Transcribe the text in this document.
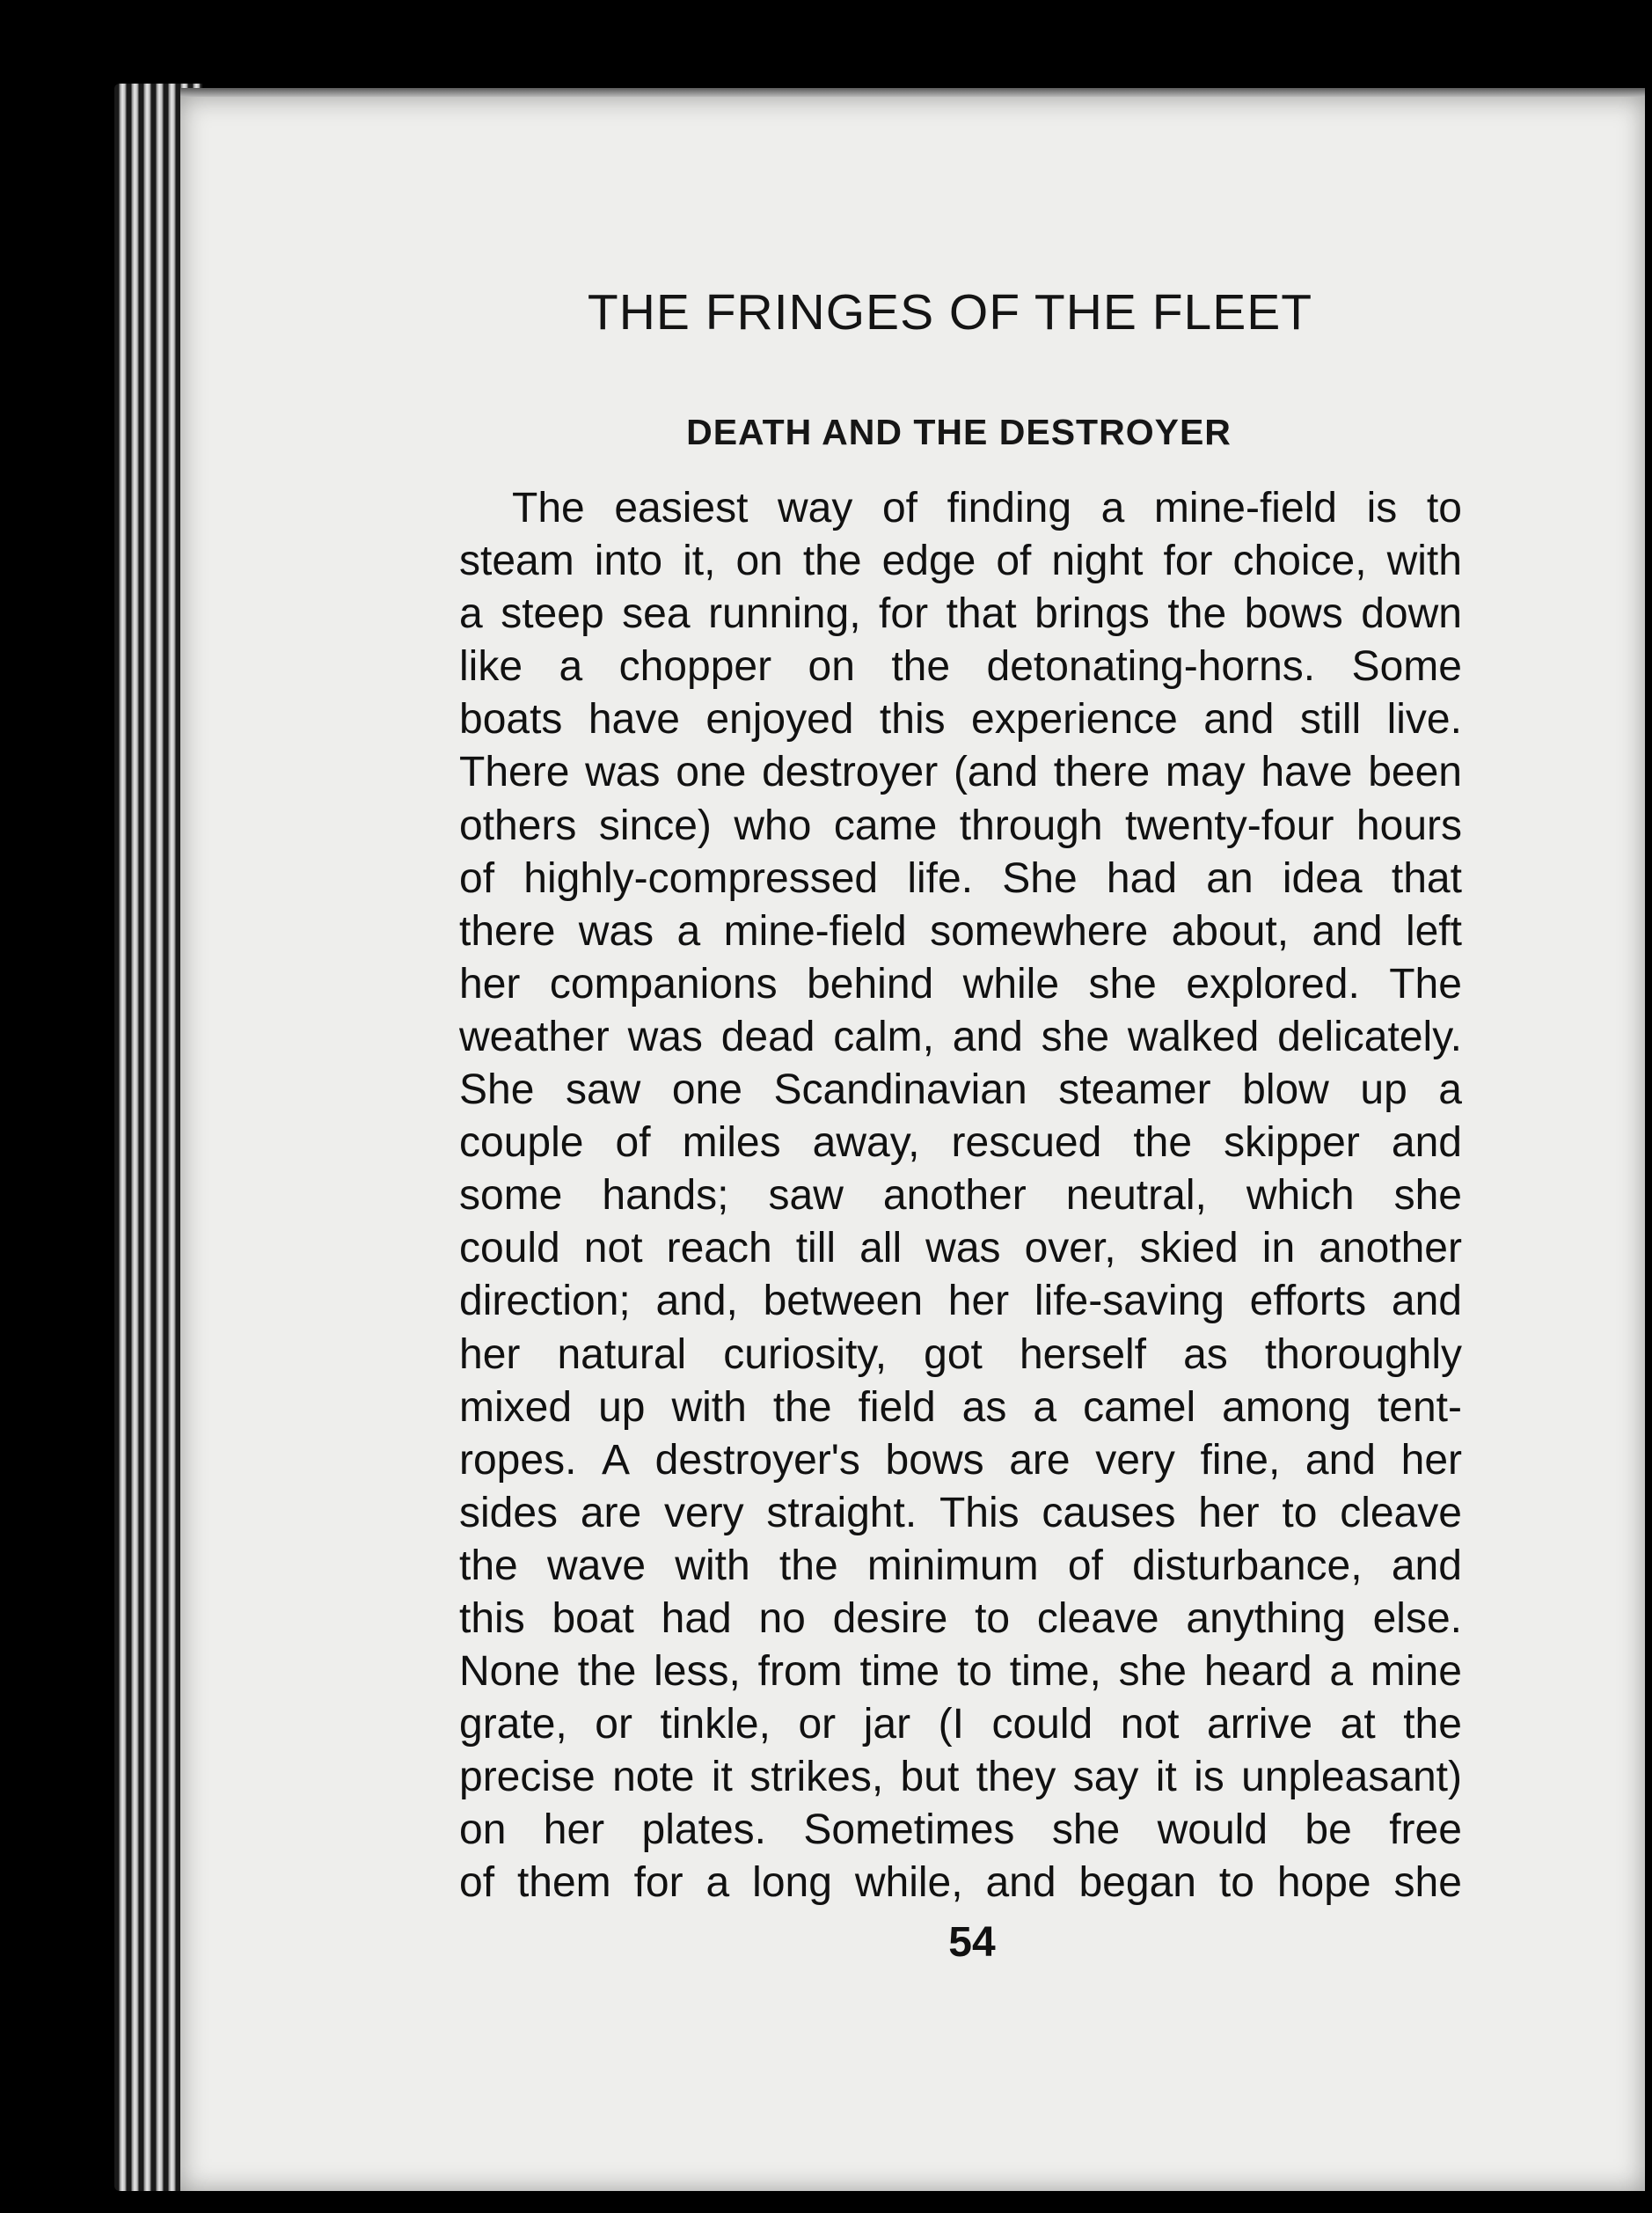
THE FRINGES OF THE FLEET
DEATH AND THE DESTROYER
The easiest way of finding a mine-field is to
steam into it, on the edge of night for choice, with
a steep sea running, for that brings the bows down
like a chopper on the detonating-horns. Some
boats have enjoyed this experience and still live.
There was one destroyer (and there may have been
others since) who came through twenty-four hours
of highly-compressed life. She had an idea that
there was a mine-field somewhere about, and left
her companions behind while she explored. The
weather was dead calm, and she walked delicately.
She saw one Scandinavian steamer blow up a
couple of miles away, rescued the skipper and
some hands; saw another neutral, which she
could not reach till all was over, skied in another
direction; and, between her life-saving efforts and
her natural curiosity, got herself as thoroughly
mixed up with the field as a camel among tent-
ropes. A destroyer's bows are very fine, and her
sides are very straight. This causes her to cleave
the wave with the minimum of disturbance, and
this boat had no desire to cleave anything else.
None the less, from time to time, she heard a mine
grate, or tinkle, or jar (I could not arrive at the
precise note it strikes, but they say it is unpleasant)
on her plates. Sometimes she would be free
of them for a long while, and began to hope she
54
